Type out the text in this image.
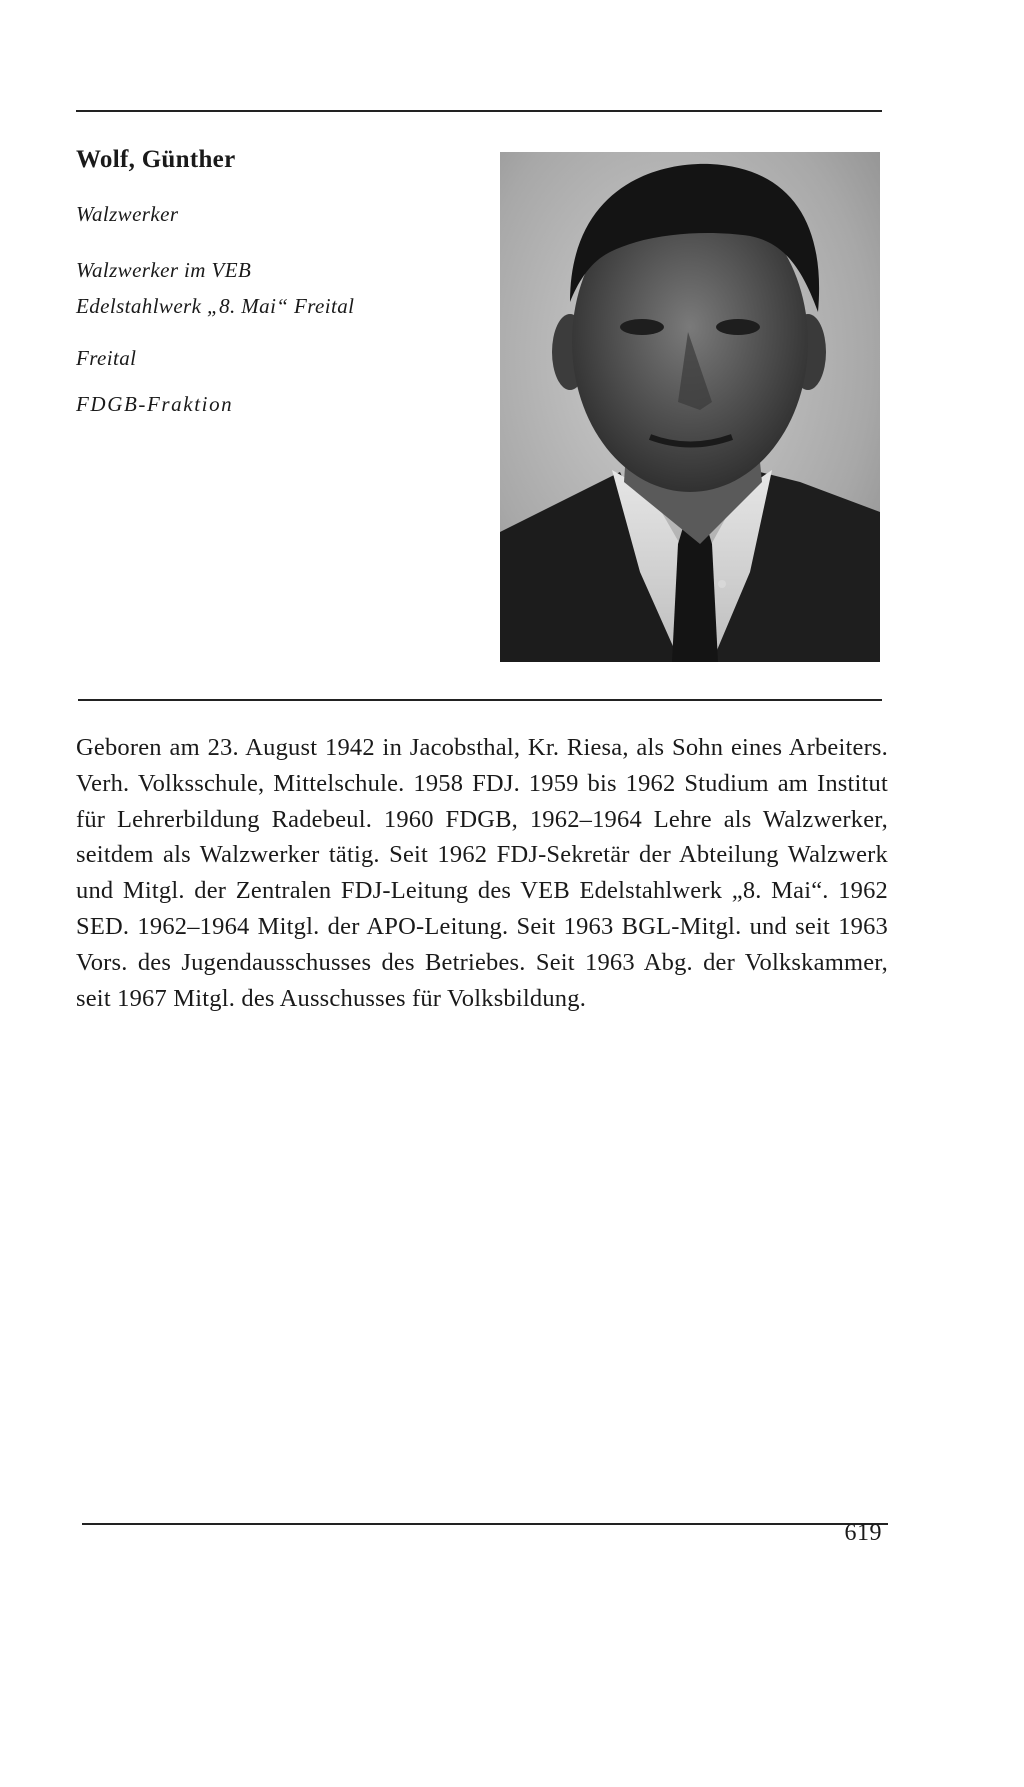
Wolf, Günther
Walzwerker
Walzwerker im VEB Edelstahlwerk „8. Mai“ Freital
Freital
FDGB-Fraktion

Geboren am 23. August 1942 in Jacobsthal, Kr. Riesa, als Sohn eines Arbeiters. Verh. Volksschule, Mittelschule. 1958 FDJ. 1959 bis 1962 Studium am Institut für Lehrerbildung Radebeul. 1960 FDGB, 1962–1964 Lehre als Walzwerker, seitdem als Walzwerker tätig. Seit 1962 FDJ-Sekretär der Abteilung Walzwerk und Mitgl. der Zentralen FDJ-Leitung des VEB Edelstahlwerk „8. Mai“. 1962 SED. 1962–1964 Mitgl. der APO-Leitung. Seit 1963 BGL-Mitgl. und seit 1963 Vors. des Jugendausschusses des Betriebes. Seit 1963 Abg. der Volkskammer, seit 1967 Mitgl. des Ausschusses für Volksbildung.

619
